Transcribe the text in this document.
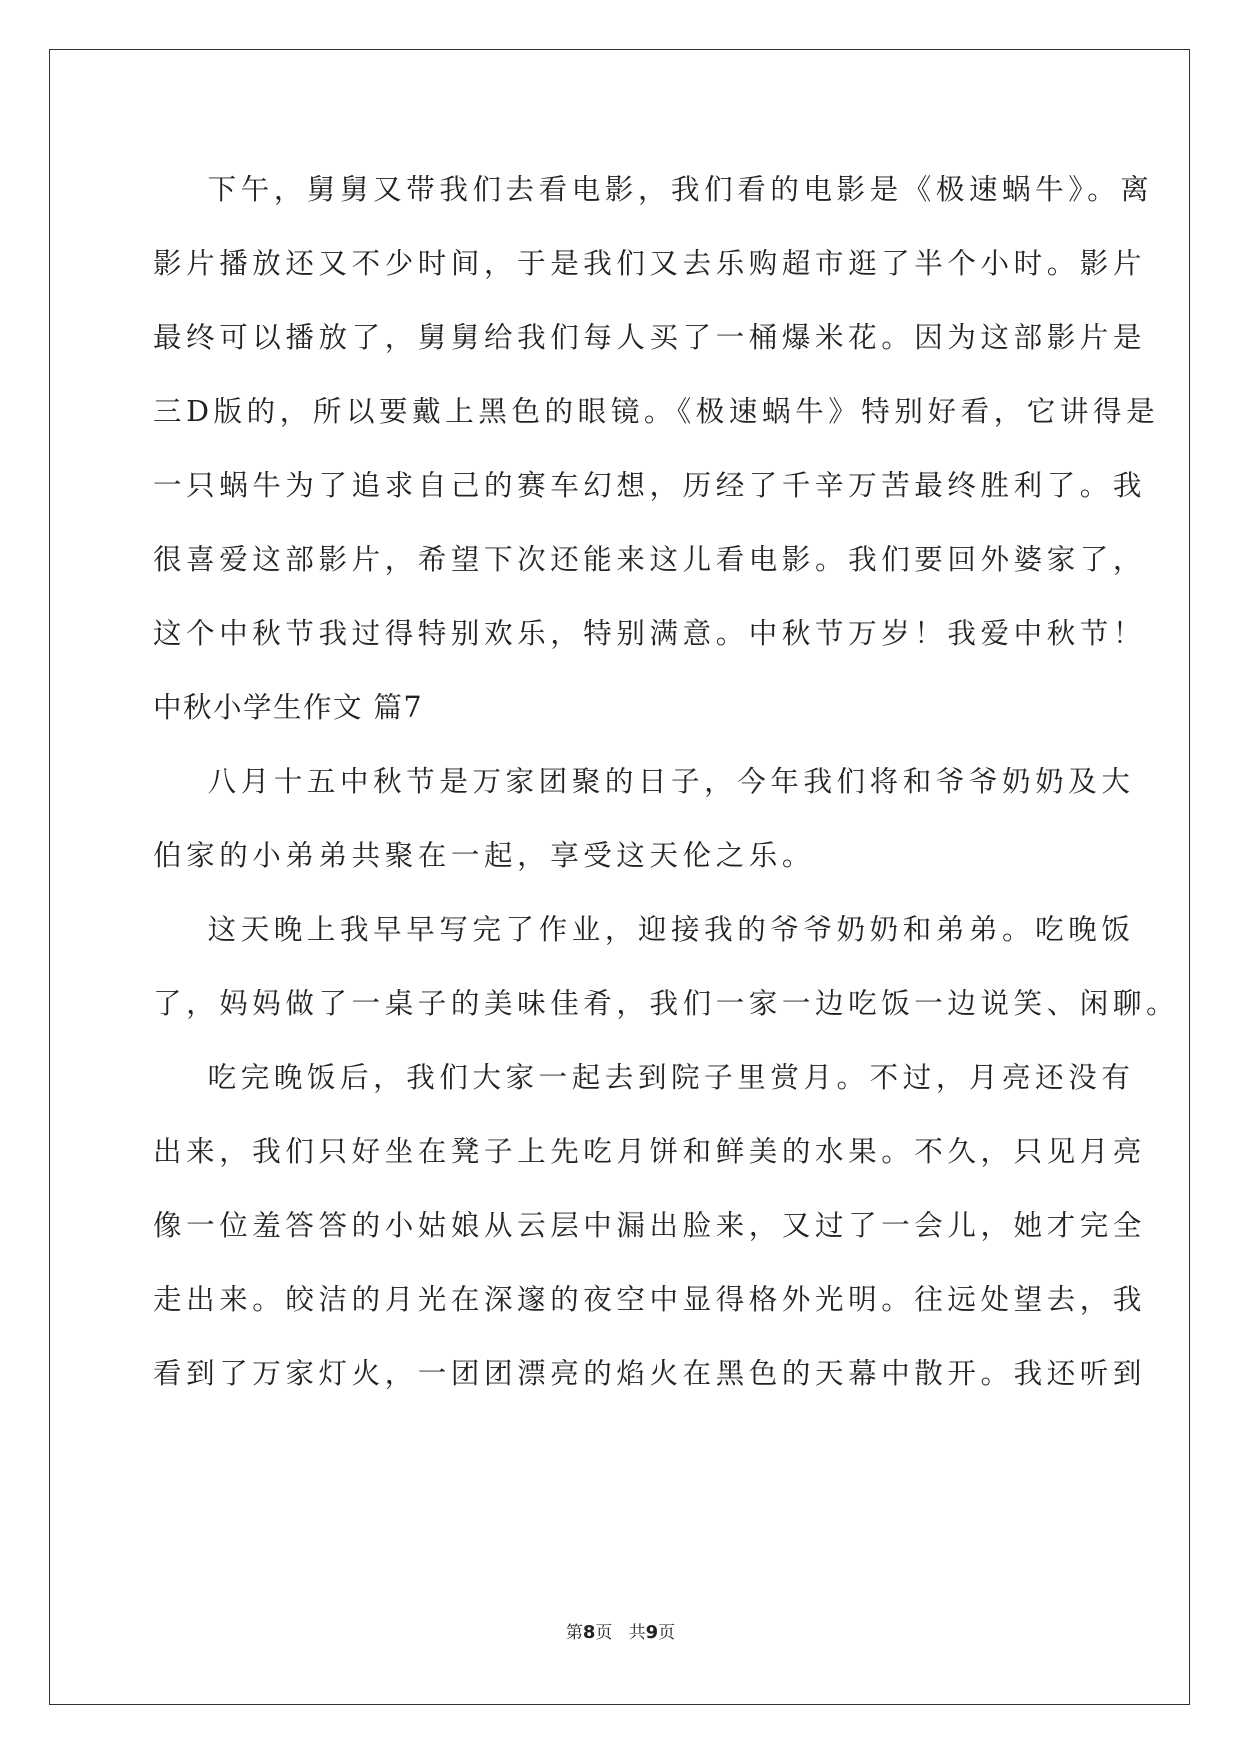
下午，舅舅又带我们去看电影，我们看的电影是《极速蜗牛》。离
影片播放还又不少时间，于是我们又去乐购超市逛了半个小时。影片
最终可以播放了，舅舅给我们每人买了一桶爆米花。因为这部影片是
三D版的，所以要戴上黑色的眼镜。《极速蜗牛》特别好看，它讲得是
一只蜗牛为了追求自己的赛车幻想，历经了千辛万苦最终胜利了。我
很喜爱这部影片，希望下次还能来这儿看电影。我们要回外婆家了，
这个中秋节我过得特别欢乐，特别满意。中秋节万岁！我爱中秋节！
中秋小学生作文 篇7
八月十五中秋节是万家团聚的日子，今年我们将和爷爷奶奶及大
伯家的小弟弟共聚在一起，享受这天伦之乐。
这天晚上我早早写完了作业，迎接我的爷爷奶奶和弟弟。吃晚饭
了，妈妈做了一桌子的美味佳肴，我们一家一边吃饭一边说笑、闲聊。
吃完晚饭后，我们大家一起去到院子里赏月。不过，月亮还没有
出来，我们只好坐在凳子上先吃月饼和鲜美的水果。不久，只见月亮
像一位羞答答的小姑娘从云层中漏出脸来，又过了一会儿，她才完全
走出来。皎洁的月光在深邃的夜空中显得格外光明。往远处望去，我
看到了万家灯火，一团团漂亮的焰火在黑色的天幕中散开。我还听到
第8页   共9页
